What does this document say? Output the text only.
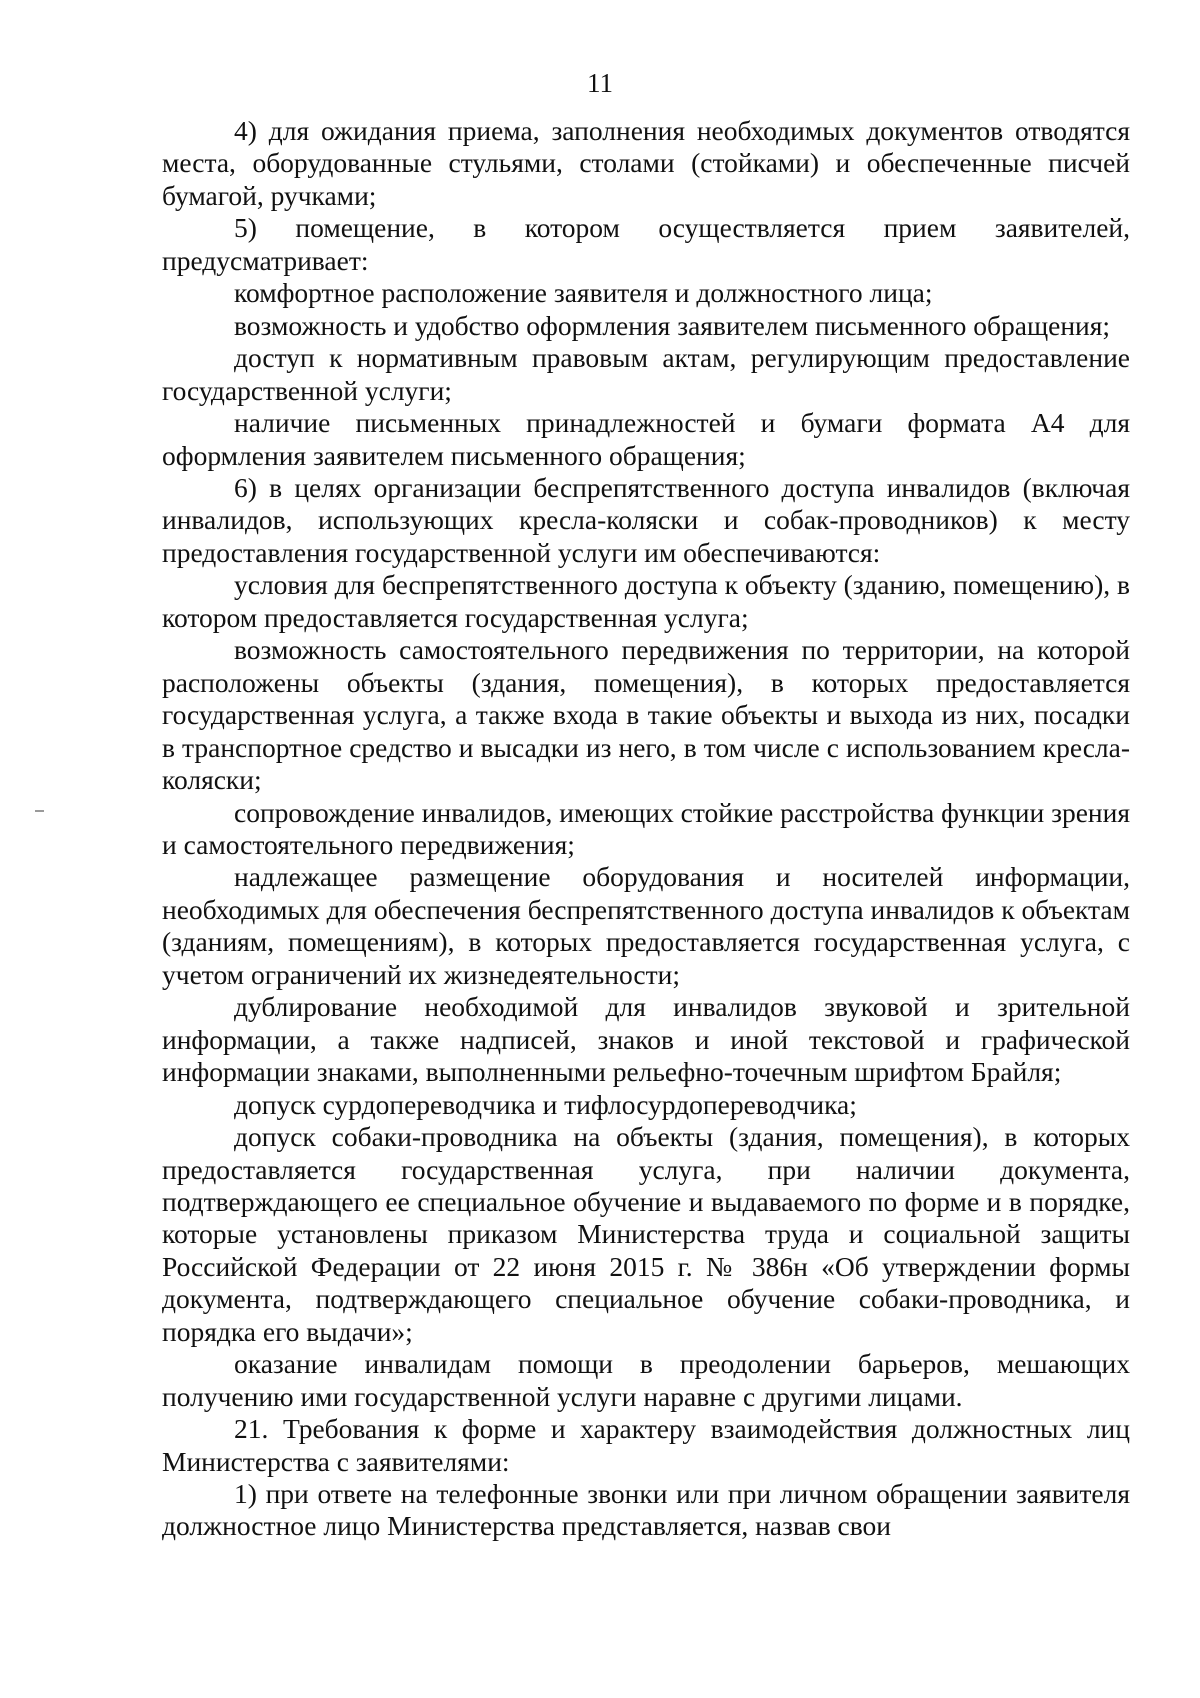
11

4) для ожидания приема, заполнения необходимых документов отводятся места, оборудованные стульями, столами (стойками) и обеспеченные писчей бумагой, ручками;

5) помещение, в котором осуществляется прием заявителей, предусматривает:

комфортное расположение заявителя и должностного лица;

возможность и удобство оформления заявителем письменного обращения;

доступ к нормативным правовым актам, регулирующим предоставление государственной услуги;

наличие письменных принадлежностей и бумаги формата А4 для оформления заявителем письменного обращения;

6) в целях организации беспрепятственного доступа инвалидов (включая инвалидов, использующих кресла-коляски и собак-проводников) к месту предоставления государственной услуги им обеспечиваются:

условия для беспрепятственного доступа к объекту (зданию, помещению), в котором предоставляется государственная услуга;

возможность самостоятельного передвижения по территории, на которой расположены объекты (здания, помещения), в которых предоставляется государственная услуга, а также входа в такие объекты и выхода из них, посадки в транспортное средство и высадки из него, в том числе с использованием кресла-коляски;

сопровождение инвалидов, имеющих стойкие расстройства функции зрения и самостоятельного передвижения;

надлежащее размещение оборудования и носителей информации, необходимых для обеспечения беспрепятственного доступа инвалидов к объектам (зданиям, помещениям), в которых предоставляется государственная услуга, с учетом ограничений их жизнедеятельности;

дублирование необходимой для инвалидов звуковой и зрительной информации, а также надписей, знаков и иной текстовой и графической информации знаками, выполненными рельефно-точечным шрифтом Брайля;

допуск сурдопереводчика и тифлосурдопереводчика;

допуск собаки-проводника на объекты (здания, помещения), в которых предоставляется государственная услуга, при наличии документа, подтверждающего ее специальное обучение и выдаваемого по форме и в порядке, которые установлены приказом Министерства труда и социальной защиты Российской Федерации от 22 июня 2015 г. № 386н «Об утверждении формы документа, подтверждающего специальное обучение собаки-проводника, и порядка его выдачи»;

оказание инвалидам помощи в преодолении барьеров, мешающих получению ими государственной услуги наравне с другими лицами.

21. Требования к форме и характеру взаимодействия должностных лиц Министерства с заявителями:

1) при ответе на телефонные звонки или при личном обращении заявителя должностное лицо Министерства представляется, назвав свои
